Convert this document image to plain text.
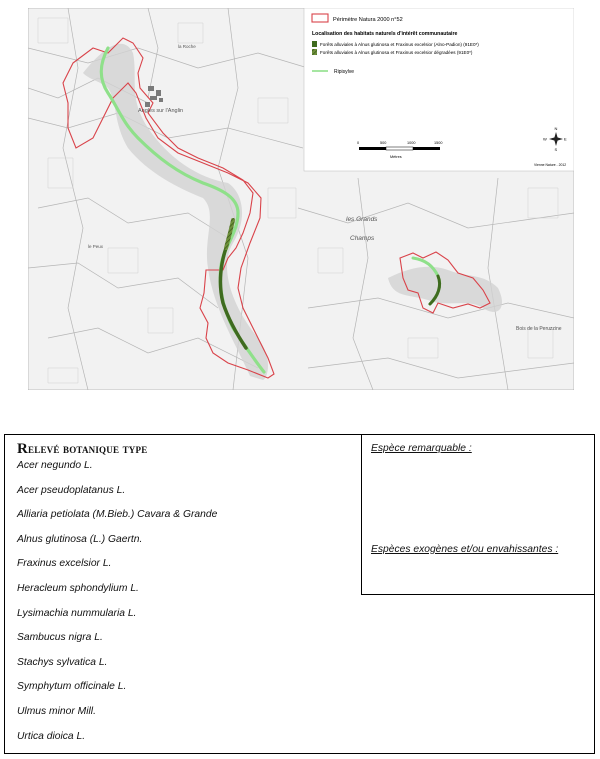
Angles sur l'Anglin
les Grands
Champs
Bois de la Peruzzine
la Roche
le Peux
Périmètre Natura 2000 n°52
Localisation des habitats naturels d'intérêt communautaire
Forêts alluviales à Alnus glutinosa et Fraxinus excelsior (Alno-Padion) (91E0*)
Forêts alluviales à Alnus glutinosa et Fraxinus excelsior dégradées (91E0*)
Ripisylve
0	500	1000	1500
Mètres
N
S
E
W
Vienne Nature - 2012
Relevé botanique type
Acer negundo L.
Acer pseudoplatanus L.
Alliaria petiolata (M.Bieb.) Cavara & Grande
Alnus glutinosa (L.) Gaertn.
Fraxinus excelsior L.
Heracleum sphondylium L.
Lysimachia nummularia L.
Sambucus nigra L.
Stachys sylvatica L.
Symphytum officinale L.
Ulmus minor Mill.
Urtica dioica L.
Espèce remarquable :
Espèces exogènes et/ou envahissantes :
